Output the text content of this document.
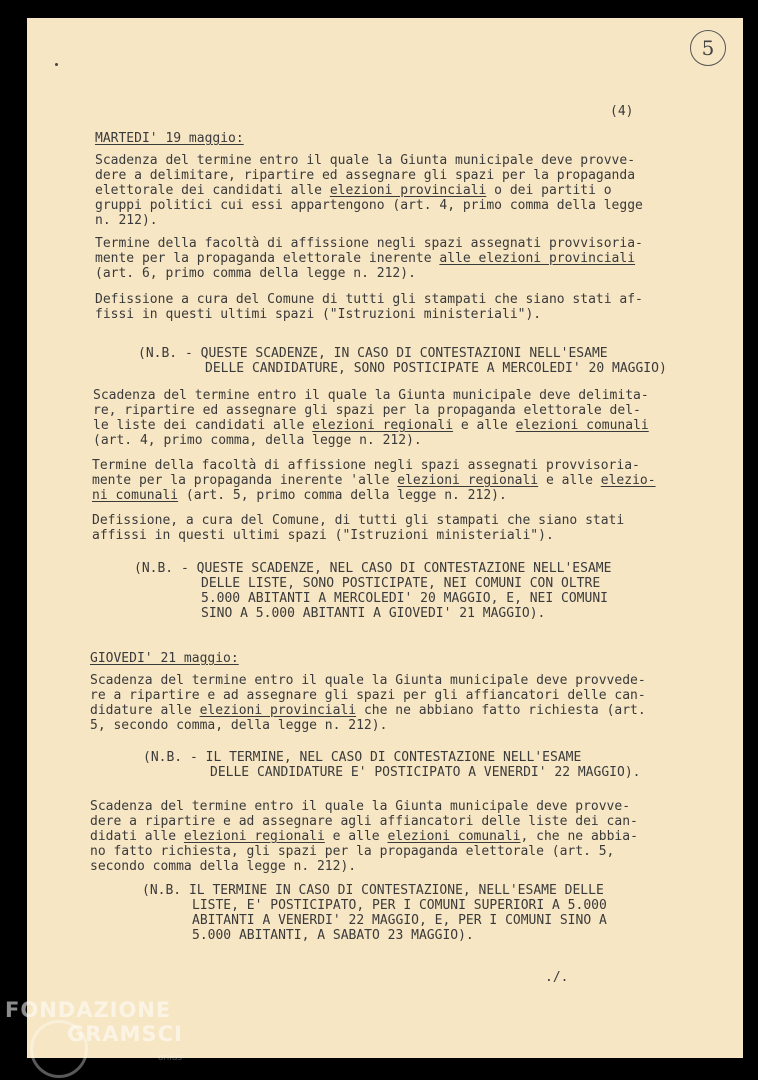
5
(4)
MARTEDI' 19 maggio:
Scadenza del termine entro il quale la Giunta municipale deve provve-
dere a delimitare, ripartire ed assegnare gli spazi per la propaganda
elettorale dei candidati alle elezioni provinciali o dei partiti o
gruppi politici cui essi appartengono (art. 4, primo comma della legge
n. 212).
Termine della facoltà di affissione negli spazi assegnati provvisoria-
mente per la propaganda elettorale inerente alle elezioni provinciali
(art. 6, primo comma della legge n. 212).
Defissione a cura del Comune di tutti gli stampati che siano stati af-
fissi in questi ultimi spazi ("Istruzioni ministeriali").
(N.B. - QUESTE SCADENZE, IN CASO DI CONTESTAZIONI NELL'ESAME
DELLE CANDIDATURE, SONO POSTICIPATE A MERCOLEDI' 20 MAGGIO)
Scadenza del termine entro il quale la Giunta municipale deve delimita-
re, ripartire ed assegnare gli spazi per la propaganda elettorale del-
le liste dei candidati alle elezioni regionali e alle elezioni comunali
(art. 4, primo comma, della legge n. 212).
Termine della facoltà di affissione negli spazi assegnati provvisoria-
mente per la propaganda inerente 'alle elezioni regionali e alle elezio-
ni comunali (art. 5, primo comma della legge n. 212).
Defissione, a cura del Comune, di tutti gli stampati che siano stati
affissi in questi ultimi spazi ("Istruzioni ministeriali").
(N.B. - QUESTE SCADENZE, NEL CASO DI CONTESTAZIONE NELL'ESAME
DELLE LISTE, SONO POSTICIPATE, NEI COMUNI CON OLTRE
5.000 ABITANTI A MERCOLEDI' 20 MAGGIO, E, NEI COMUNI
SINO A 5.000 ABITANTI A GIOVEDI' 21 MAGGIO).
GIOVEDI' 21 maggio:
Scadenza del termine entro il quale la Giunta municipale deve provvede-
re a ripartire e ad assegnare gli spazi per gli affiancatori delle can-
didature alle elezioni provinciali che ne abbiano fatto richiesta (art.
5, secondo comma, della legge n. 212).
(N.B. - IL TERMINE, NEL CASO DI CONTESTAZIONE NELL'ESAME
DELLE CANDIDATURE E' POSTICIPATO A VENERDI' 22 MAGGIO).
Scadenza del termine entro il quale la Giunta municipale deve provve-
dere a ripartire e ad assegnare agli affiancatori delle liste dei can-
didati alle elezioni regionali e alle elezioni comunali, che ne abbia-
no fatto richiesta, gli spazi per la propaganda elettorale (art. 5,
secondo comma della legge n. 212).
(N.B. IL TERMINE IN CASO DI CONTESTAZIONE, NELL'ESAME DELLE
LISTE, E' POSTICIPATO, PER I COMUNI SUPERIORI A 5.000
ABITANTI A VENERDI' 22 MAGGIO, E, PER I COMUNI SINO A
5.000 ABITANTI, A SABATO 23 MAGGIO).
./.
FONDAZIONE
GRAMSCI
onlus
